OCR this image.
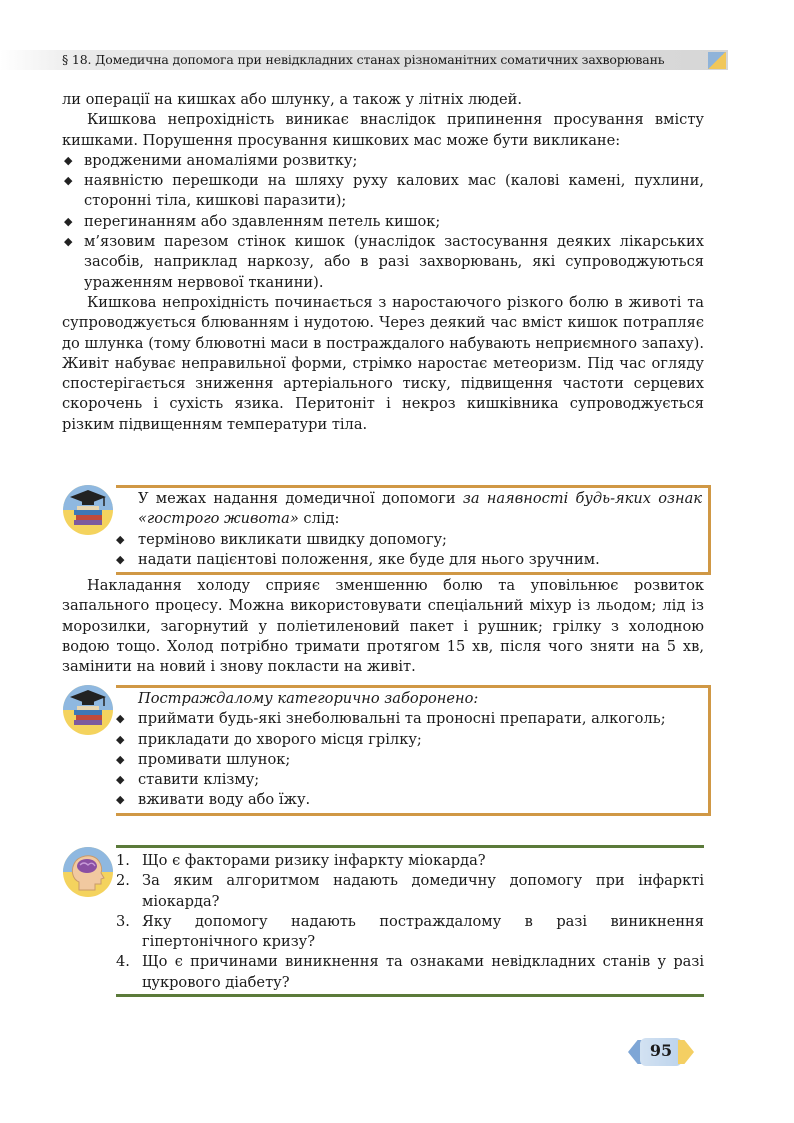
§ 18. Домедична допомога при невідкладних станах різноманітних соматичних захворювань

ли операції на кишках або шлунку, а також у літніх людей.

Кишкова непрохідність виникає внаслідок припинення просування вмісту кишками. Порушення просування кишкових мас може бути викликане:

◆ вродженими аномаліями розвитку;
◆ наявністю перешкоди на шляху руху калових мас (калові камені, пухлини, сторонні тіла, кишкові паразити);
◆ перегинанням або здавленням петель кишок;
◆ м’язовим парезом стінок кишок (унаслідок застосування деяких лікарських засобів, наприклад наркозу, або в разі захворювань, які супроводжуються ураженням нервової тканини).

Кишкова непрохідність починається з наростаючого різкого болю в животі та супроводжується блюванням і нудотою. Через деякий час вміст кишок потрапляє до шлунка (тому блювотні маси в постраждалого набувають неприємного запаху). Живіт набуває неправильної форми, стрімко наростає метеоризм. Під час огляду спостерігається зниження артеріального тиску, підвищення частоти серцевих скорочень і сухість язика. Перитоніт і некроз кишківника супроводжується різким підвищенням температури тіла.

У межах надання домедичної допомоги за наявності будь-яких ознак «гострого живота» слід:

◆ терміново викликати швидку допомогу;
◆ надати пацієнтові положення, яке буде для нього зручним.

Накладання холоду сприяє зменшенню болю та уповільнює розвиток запального процесу. Можна використовувати спеціальний міхур із льодом; лід із морозилки, загорнутий у поліетиленовий пакет і рушник; грілку з холодною водою тощо. Холод потрібно тримати протягом 15 хв, після чого зняти на 5 хв, замінити на новий і знову покласти на живіт.

Постраждалому категорично заборонено:

◆ приймати будь-які знеболювальні та проносні препарати, алкоголь;
◆ прикладати до хворого місця грілку;
◆ промивати шлунок;
◆ ставити клізму;
◆ вживати воду або їжу.
1. Що є факторами ризику інфаркту міокарда?
2. За яким алгоритмом надають домедичну допомогу при інфаркті міокарда?
3. Яку допомогу надають постраждалому в разі виникнення гіпертонічного кризу?
4. Що є причинами виникнення та ознаками невідкладних станів у разі цукрового діабету?
95
